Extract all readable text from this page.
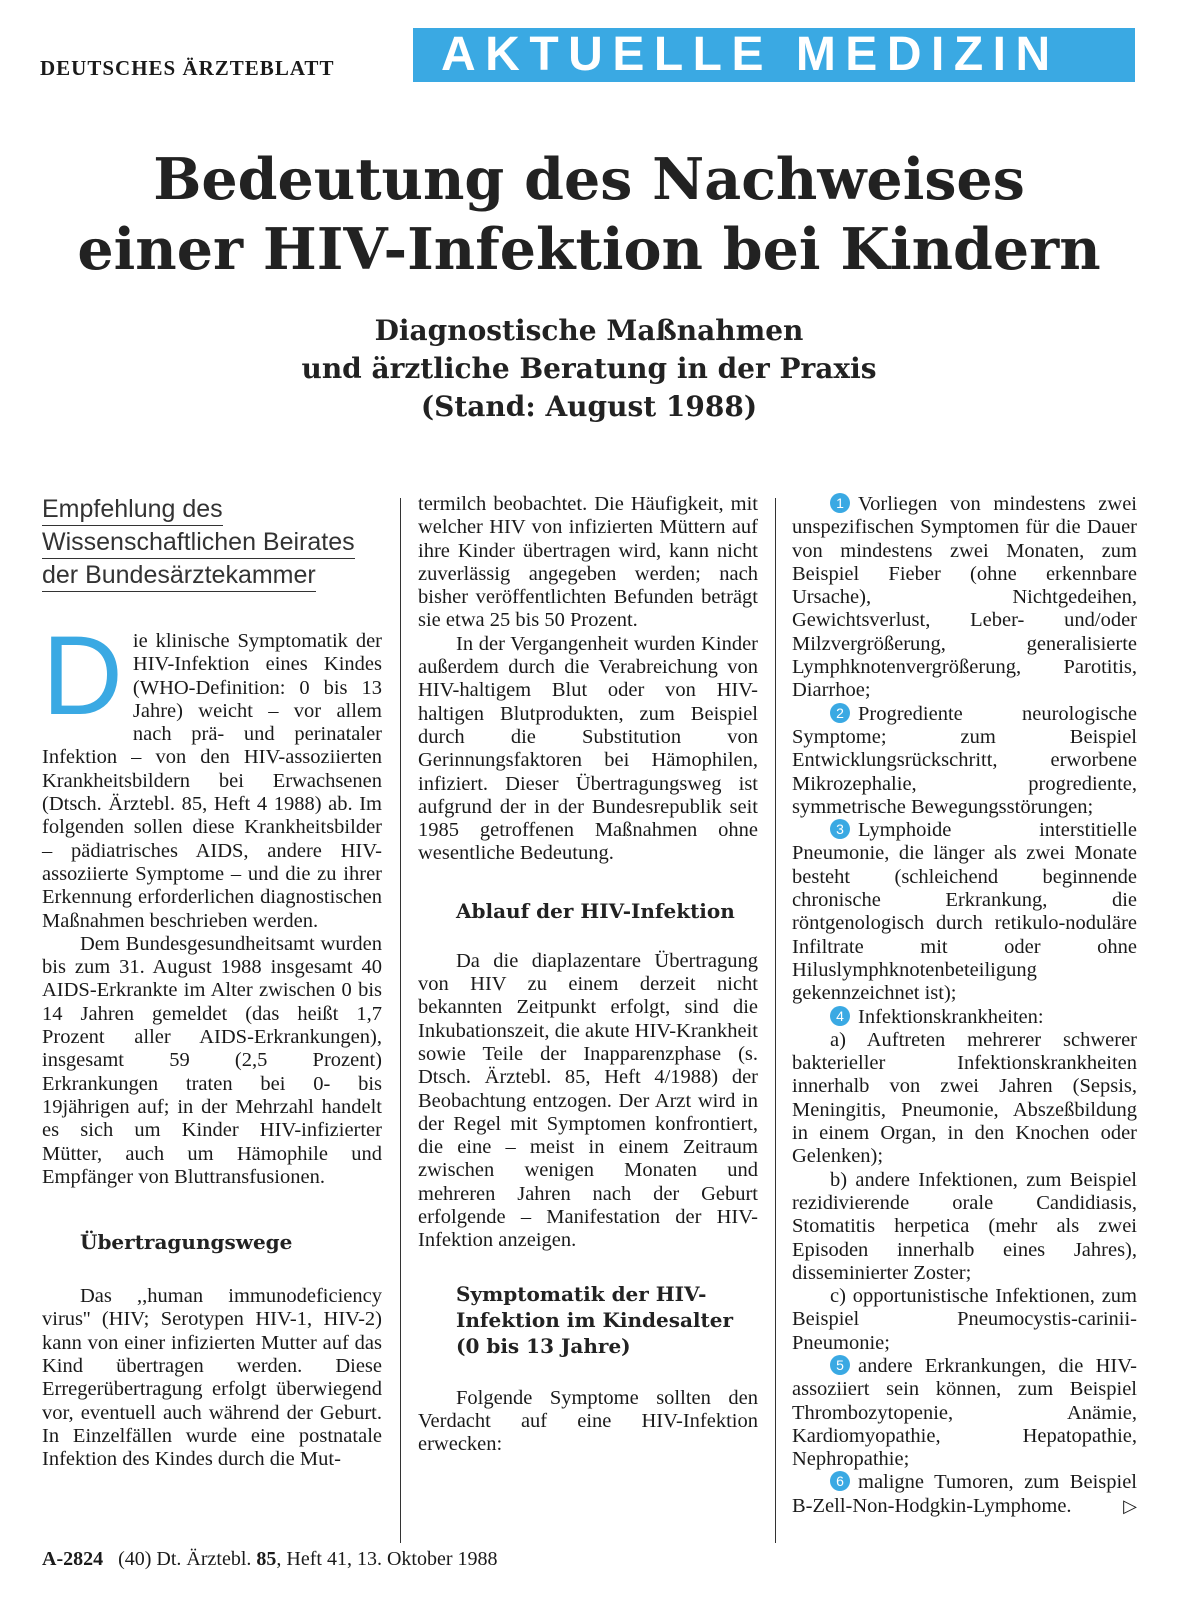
DEUTSCHES ÄRZTEBLATT AKTUELLE MEDIZIN
Bedeutung des Nachweises
einer HIV-Infektion bei Kindern
Diagnostische Maßnahmen
und ärztliche Beratung in der Praxis
(Stand: August 1988)
Empfehlung des
Wissenschaftlichen Beirates
der Bundesärztekammer

Die klinische Symptomatik der HIV-Infektion eines Kindes (WHO-Definition: 0 bis 13 Jahre) weicht – vor allem nach prä- und perinataler Infektion – von den HIV-assoziierten Krankheitsbildern bei Erwachsenen (Dtsch. Ärztebl. 85, Heft 4 1988) ab. Im folgenden sollen diese Krankheitsbilder – pädiatrisches AIDS, andere HIV-assoziierte Symptome – und die zu ihrer Erkennung erforderlichen diagnostischen Maßnahmen beschrieben werden.

Dem Bundesgesundheitsamt wurden bis zum 31. August 1988 insgesamt 40 AIDS-Erkrankte im Alter zwischen 0 bis 14 Jahren gemeldet (das heißt 1,7 Prozent aller AIDS-Erkrankungen), insgesamt 59 (2,5 Prozent) Erkrankungen traten bei 0- bis 19jährigen auf; in der Mehrzahl handelt es sich um Kinder HIV-infizierter Mütter, auch um Hämophile und Empfänger von Bluttransfusionen.

Übertragungswege

Das ,,human immunodeficiency virus'' (HIV; Serotypen HIV-1, HIV-2) kann von einer infizierten Mutter auf das Kind übertragen werden. Diese Erregerübertragung erfolgt überwiegend vor, eventuell auch während der Geburt. In Einzelfällen wurde eine postnatale Infektion des Kindes durch die Mut-

termilch beobachtet. Die Häufigkeit, mit welcher HIV von infizierten Müttern auf ihre Kinder übertragen wird, kann nicht zuverlässig angegeben werden; nach bisher veröffentlichten Befunden beträgt sie etwa 25 bis 50 Prozent.

In der Vergangenheit wurden Kinder außerdem durch die Verabreichung von HIV-haltigem Blut oder von HIV-haltigen Blutprodukten, zum Beispiel durch die Substitution von Gerinnungsfaktoren bei Hämophilen, infiziert. Dieser Übertragungsweg ist aufgrund der in der Bundesrepublik seit 1985 getroffenen Maßnahmen ohne wesentliche Bedeutung.

Ablauf der HIV-Infektion

Da die diaplazentare Übertragung von HIV zu einem derzeit nicht bekannten Zeitpunkt erfolgt, sind die Inkubationszeit, die akute HIV-Krankheit sowie Teile der Inapparenzphase (s. Dtsch. Ärztebl. 85, Heft 4/1988) der Beobachtung entzogen. Der Arzt wird in der Regel mit Symptomen konfrontiert, die eine – meist in einem Zeitraum zwischen wenigen Monaten und mehreren Jahren nach der Geburt erfolgende – Manifestation der HIV-Infektion anzeigen.

Symptomatik der HIV-
Infektion im Kindesalter
(0 bis 13 Jahre)

Folgende Symptome sollten den Verdacht auf eine HIV-Infektion erwecken:

1 Vorliegen von mindestens zwei unspezifischen Symptomen für die Dauer von mindestens zwei Monaten, zum Beispiel Fieber (ohne erkennbare Ursache), Nichtgedeihen, Gewichtsverlust, Leber- und/oder Milzvergrößerung, generalisierte Lymphknotenvergrößerung, Parotitis, Diarrhoe;

2 Progrediente neurologische Symptome; zum Beispiel Entwicklungsrückschritt, erworbene Mikrozephalie, progrediente, symmetrische Bewegungsstörungen;

3 Lymphoide interstitielle Pneumonie, die länger als zwei Monate besteht (schleichend beginnende chronische Erkrankung, die röntgenologisch durch retikulo-noduläre Infiltrate mit oder ohne Hiluslymphknotenbeteiligung gekennzeichnet ist);

4 Infektionskrankheiten:

a) Auftreten mehrerer schwerer bakterieller Infektionskrankheiten innerhalb von zwei Jahren (Sepsis, Meningitis, Pneumonie, Abszeßbildung in einem Organ, in den Knochen oder Gelenken);

b) andere Infektionen, zum Beispiel rezidivierende orale Candidiasis, Stomatitis herpetica (mehr als zwei Episoden innerhalb eines Jahres), disseminierter Zoster;

c) opportunistische Infektionen, zum Beispiel Pneumocystis-carinii-Pneumonie;

5 andere Erkrankungen, die HIV-assoziiert sein können, zum Beispiel Thrombozytopenie, Anämie, Kardiomyopathie, Hepatopathie, Nephropathie;

6 maligne Tumoren, zum Beispiel B-Zell-Non-Hodgkin-Lymphome.	▷

A-2824 (40) Dt. Ärztebl. 85, Heft 41, 13. Oktober 1988
